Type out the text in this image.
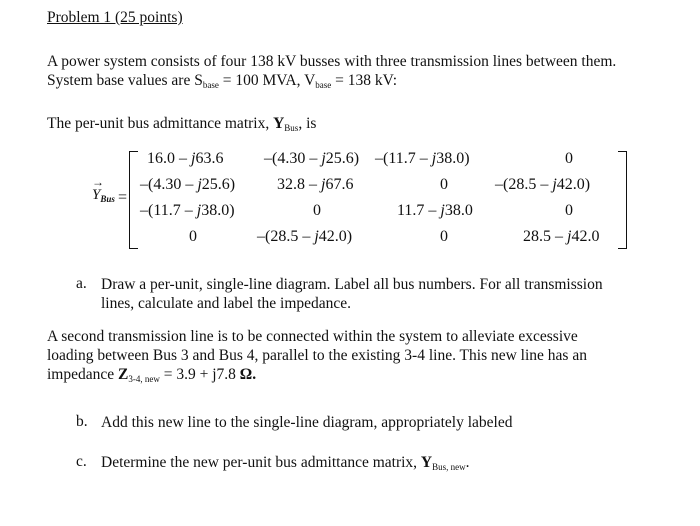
Problem 1 (25 points)
A power system consists of four 138 kV busses with three transmission lines between them.
System base values are Sbase = 100 MVA, Vbase = 138 kV:
The per-unit bus admittance matrix, YBus, is
→
$Y_{Bus}$ =
16.0 – j63.6	–(4.30 – j25.6) –(11.7 – j38.0)	0
–(4.30 – j25.6)	32.8 – j67.6	0	–(28.5 – j42.0)
–(11.7 – j38.0)	0	11.7 – j38.0	0
0	–(28.5 – j42.0)	0	28.5 – j42.0
a. Draw a per-unit, single-line diagram. Label all bus numbers. For all transmission
lines, calculate and label the impedance.
A second transmission line is to be connected within the system to alleviate excessive
loading between Bus 3 and Bus 4, parallel to the existing 3-4 line. This new line has an
impedance Z3-4, new = 3.9 + j7.8 Ω.
b. Add this new line to the single-line diagram, appropriately labeled
c. Determine the new per-unit bus admittance matrix, YBus, new.
